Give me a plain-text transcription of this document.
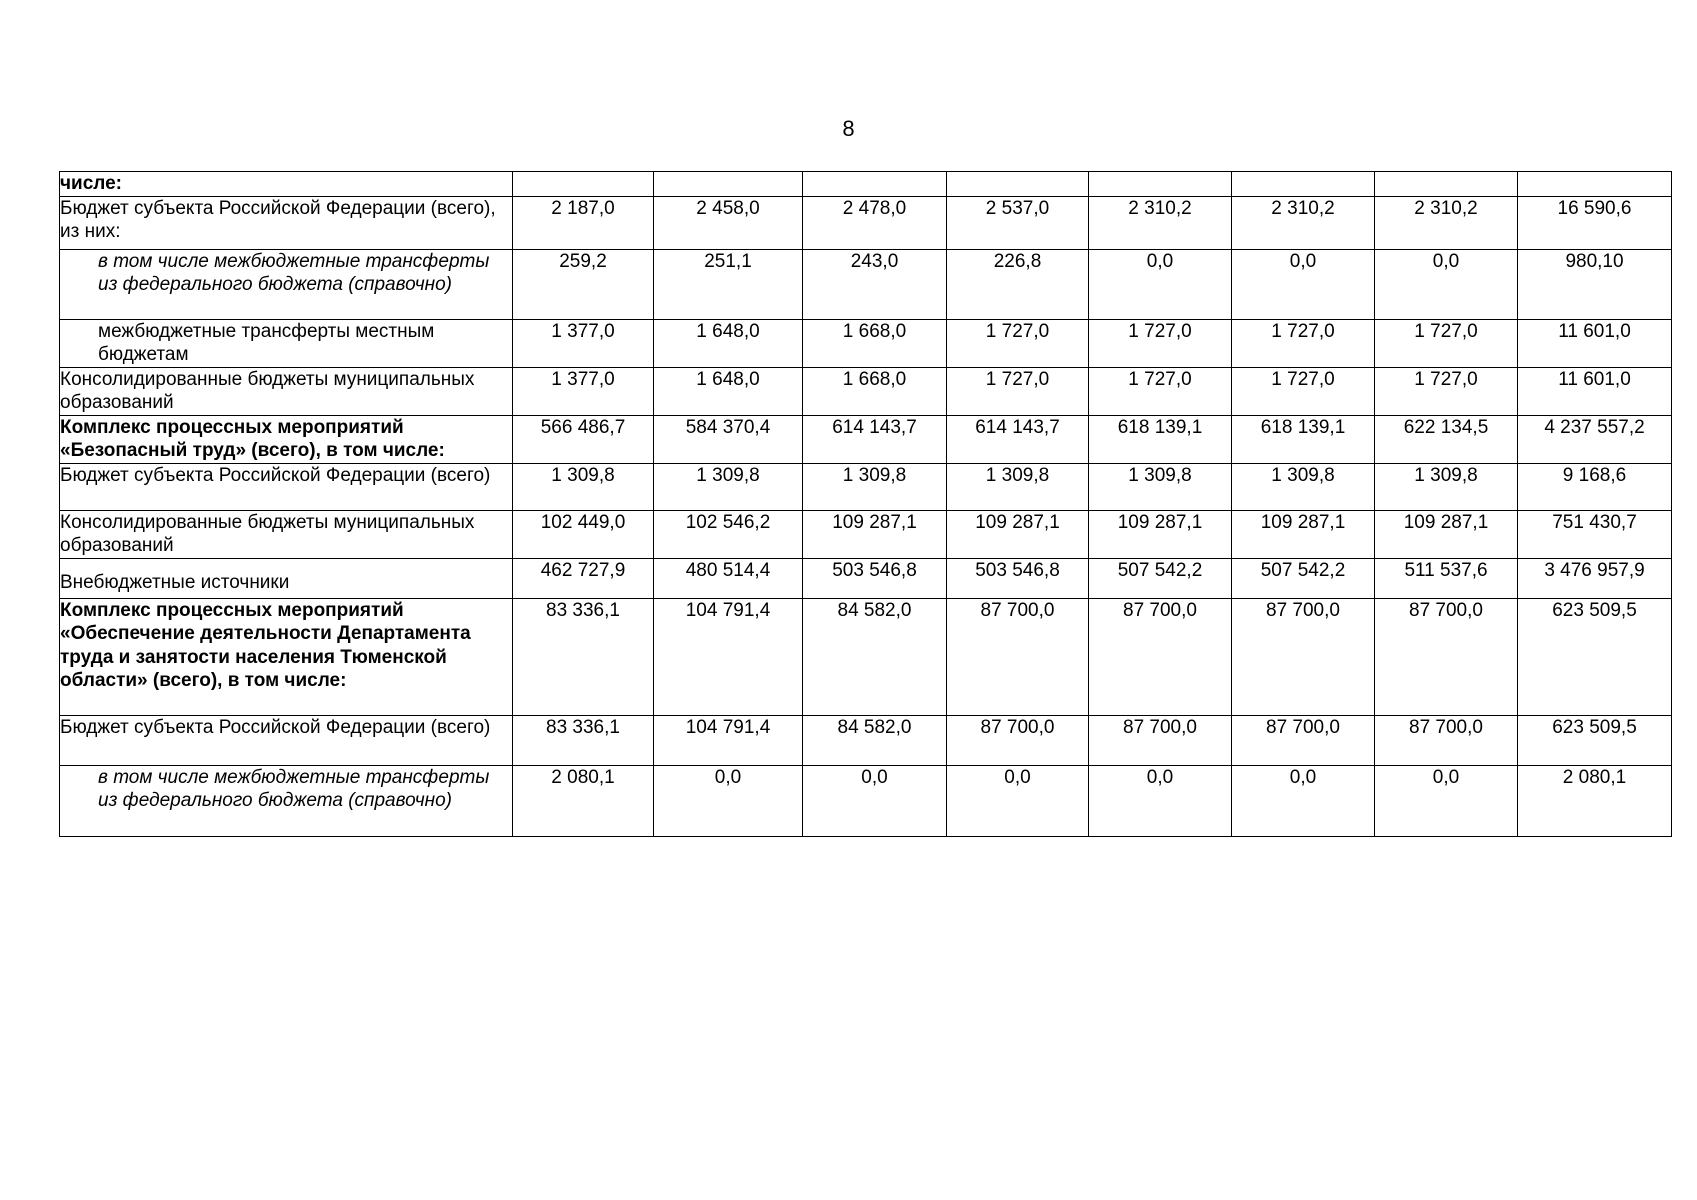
8
числе:								
Бюджет субъекта Российской Федерации (всего), из них:	2 187,0	2 458,0	2 478,0	2 537,0	2 310,2	2 310,2	2 310,2	16 590,6
в том числе межбюджетные трансферты из федерального бюджета (справочно)	259,2	251,1	243,0	226,8	0,0	0,0	0,0	980,10
межбюджетные трансферты местным бюджетам	1 377,0	1 648,0	1 668,0	1 727,0	1 727,0	1 727,0	1 727,0	11 601,0
Консолидированные бюджеты муниципальных образований	1 377,0	1 648,0	1 668,0	1 727,0	1 727,0	1 727,0	1 727,0	11 601,0
Комплекс процессных мероприятий «Безопасный труд» (всего), в том числе:	566 486,7	584 370,4	614 143,7	614 143,7	618 139,1	618 139,1	622 134,5	4 237 557,2
Бюджет субъекта Российской Федерации (всего)	1 309,8	1 309,8	1 309,8	1 309,8	1 309,8	1 309,8	1 309,8	9 168,6
Консолидированные бюджеты муниципальных образований	102 449,0	102 546,2	109 287,1	109 287,1	109 287,1	109 287,1	109 287,1	751 430,7
Внебюджетные источники	462 727,9	480 514,4	503 546,8	503 546,8	507 542,2	507 542,2	511 537,6	3 476 957,9
Комплекс процессных мероприятий «Обеспечение деятельности Департамента труда и занятости населения Тюменской области» (всего), в том числе:	83 336,1	104 791,4	84 582,0	87 700,0	87 700,0	87 700,0	87 700,0	623 509,5
Бюджет субъекта Российской Федерации (всего)	83 336,1	104 791,4	84 582,0	87 700,0	87 700,0	87 700,0	87 700,0	623 509,5
в том числе межбюджетные трансферты из федерального бюджета (справочно)	2 080,1	0,0	0,0	0,0	0,0	0,0	0,0	2 080,1
